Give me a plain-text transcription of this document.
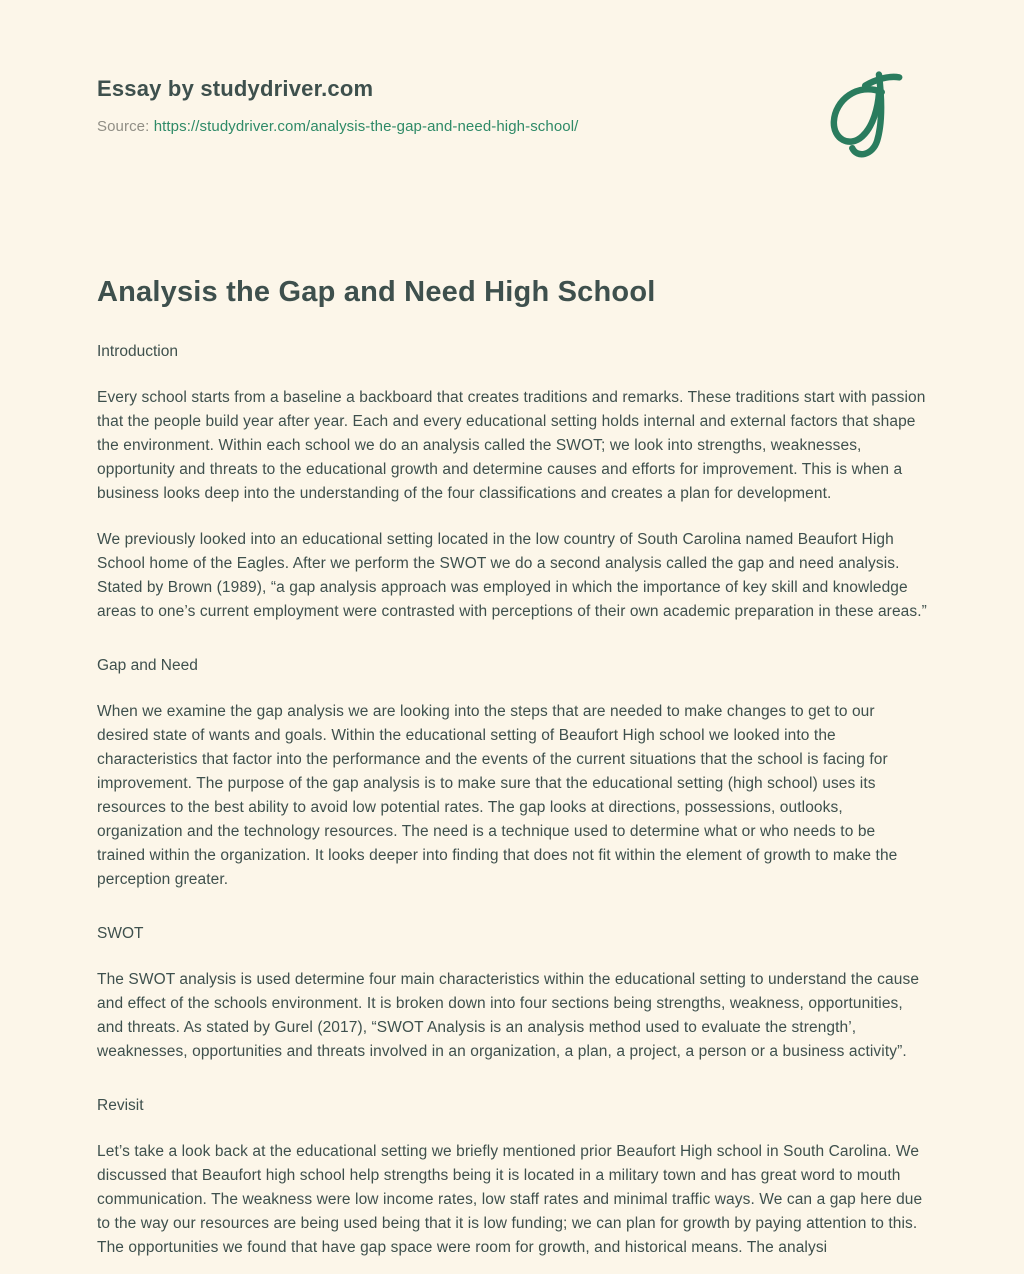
Essay by studydriver.com

Source: https://studydriver.com/analysis-the-gap-and-need-high-school/

Analysis the Gap and Need High School
Introduction

Every school starts from a baseline a backboard that creates traditions and remarks. These traditions start with passion that the people build year after year. Each and every educational setting holds internal and external factors that shape the environment. Within each school we do an analysis called the SWOT; we look into strengths, weaknesses, opportunity and threats to the educational growth and determine causes and efforts for improvement. This is when a business looks deep into the understanding of the four classifications and creates a plan for development.

We previously looked into an educational setting located in the low country of South Carolina named Beaufort High School home of the Eagles. After we perform the SWOT we do a second analysis called the gap and need analysis. Stated by Brown (1989), “a gap analysis approach was employed in which the importance of key skill and knowledge areas to one’s current employment were contrasted with perceptions of their own academic preparation in these areas.”

Gap and Need

When we examine the gap analysis we are looking into the steps that are needed to make changes to get to our desired state of wants and goals. Within the educational setting of Beaufort High school we looked into the characteristics that factor into the performance and the events of the current situations that the school is facing for improvement. The purpose of the gap analysis is to make sure that the educational setting (high school) uses its resources to the best ability to avoid low potential rates. The gap looks at directions, possessions, outlooks, organization and the technology resources. The need is a technique used to determine what or who needs to be trained within the organization. It looks deeper into finding that does not fit within the element of growth to make the perception greater.

SWOT

The SWOT analysis is used determine four main characteristics within the educational setting to understand the cause and effect of the schools environment. It is broken down into four sections being strengths, weakness, opportunities, and threats. As stated by Gurel (2017), “SWOT Analysis is an analysis method used to evaluate the strength’, weaknesses, opportunities and threats involved in an organization, a plan, a project, a person or a business activity”.

Revisit

Let’s take a look back at the educational setting we briefly mentioned prior Beaufort High school in South Carolina. We discussed that Beaufort high school help strengths being it is located in a military town and has great word to mouth communication. The weakness were low income rates, low staff rates and minimal traffic ways. We can a gap here due to the way our resources are being used being that it is low funding; we can plan for growth by paying attention to this. The opportunities we found that have gap space were room for growth, and historical means. The analysi
